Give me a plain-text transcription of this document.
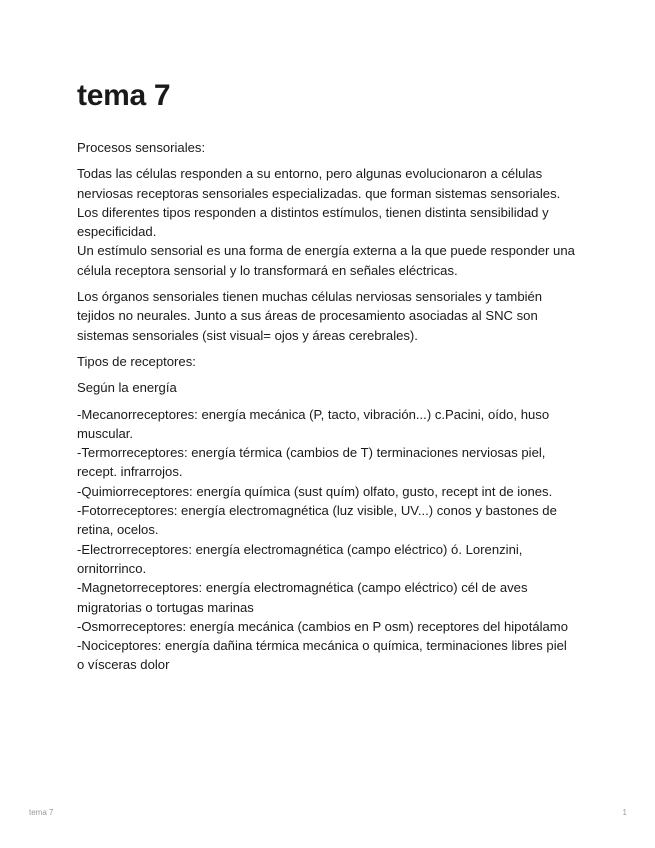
tema 7

Procesos sensoriales:

Todas las células responden a su entorno, pero algunas evolucionaron a células nerviosas receptoras sensoriales especializadas. que forman sistemas sensoriales. Los diferentes tipos responden a distintos estímulos, tienen distinta sensibilidad y especificidad.
Un estímulo sensorial es una forma de energía externa a la que puede responder una célula receptora sensorial y lo transformará en señales eléctricas.

Los órganos sensoriales tienen muchas células nerviosas sensoriales y también tejidos no neurales. Junto a sus áreas de procesamiento asociadas al SNC son sistemas sensoriales (sist visual= ojos y áreas cerebrales).

Tipos de receptores:

Según la energía

-Mecanorreceptores: energía mecánica (P, tacto, vibración...) c.Pacini, oído, huso muscular.
-Termorreceptores: energía térmica (cambios de T) terminaciones nerviosas piel, recept. infrarrojos.
-Quimiorreceptores: energía química (sust quím) olfato, gusto, recept int de iones.
-Fotorreceptores: energía electromagnética (luz visible, UV...) conos y bastones de retina, ocelos.
-Electrorreceptores: energía electromagnética (campo eléctrico) ó. Lorenzini, ornitorrinco.
-Magnetorreceptores: energía electromagnética (campo eléctrico) cél de aves migratorias o tortugas marinas
-Osmorreceptores: energía mecánica (cambios en P osm) receptores del hipotálamo
-Nociceptores: energía dañina térmica mecánica o química, terminaciones libres piel o vísceras dolor

tema 7	1
